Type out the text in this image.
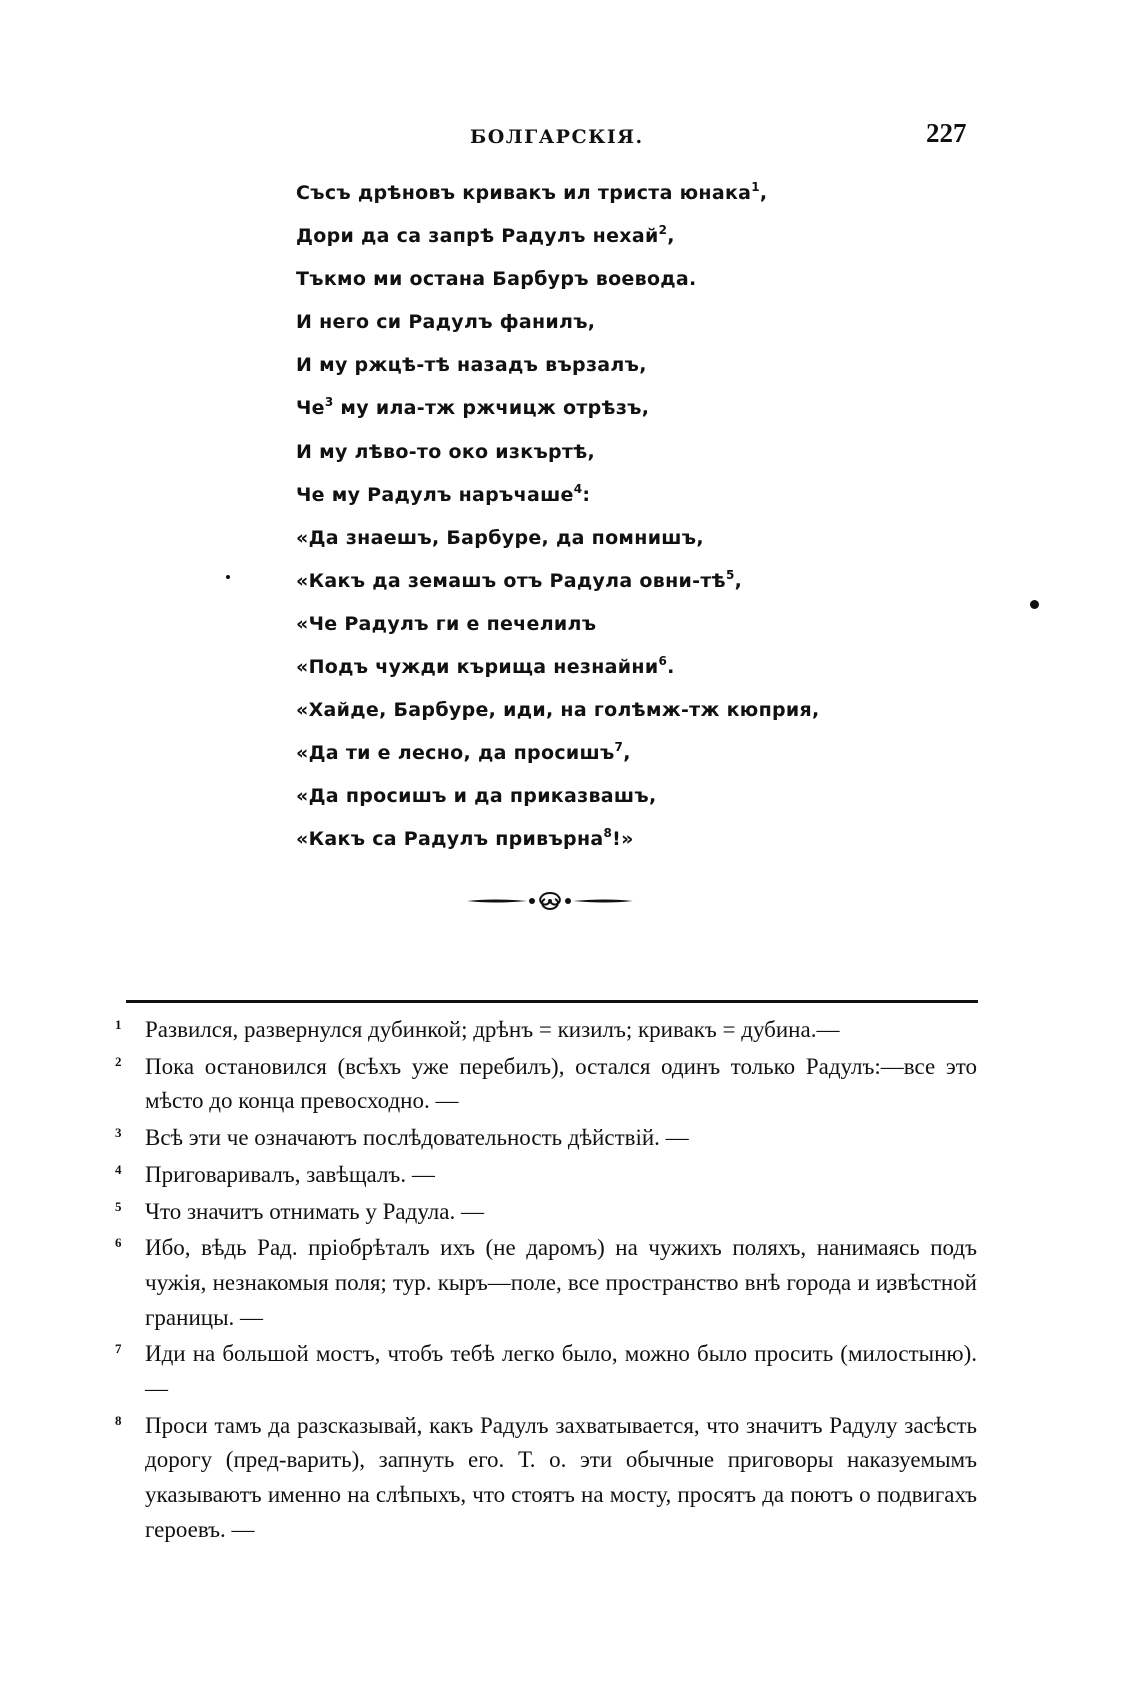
БОЛГАРСКІЯ.	227
Съсъ дрѣновъ кривакъ ил триста юнака$^1$,
Дори да са запрѣ Радулъ нехай$^2$,
Тъкмо ми остана Барбуръ воевода.
И него си Радулъ фанилъ,
И му ржцѣ-тѣ назадъ вързалъ,
$Че^3$ му ила-тж ржчицж отрѣзъ,
И му лѣво-то око изкъртѣ,
Че му Радулъ наръчаше$^4$:
«Да знаешъ, Барбуре, да помнишъ,
«Какъ да земашъ отъ Радула овни-$тѣ^5$,
«Че Радулъ ги е печелилъ
«Подъ чужди кърища незнайни$^6$.
«Хайде, Барбуре, иди, на голѣмж-тж кюприя,
«Да ти е лесно, да просишъ$^7$,
«Да просишъ и да приказвашъ,
«Какъ са Радулъ привърна$^8$!»
1	Развился, развернулся дубинкой; дрѣнъ = кизилъ; кривакъ = дубина.—
2	Пока остановился (всѣхъ уже перебилъ), остался одинъ только Радулъ:—все это мѣсто до конца превосходно. —
3	Всѣ эти че означаютъ послѣдовательность дѣйствій. —
4	Приговаривалъ, завѣщалъ. —
5	Что значитъ отнимать у Радула. —
6	Ибо, вѣдь Рад. пріобрѣталъ ихъ (не даромъ) на чужихъ поляхъ, нанимаясь подъ чужія, незнакомыя поля; тур. кыръ—поле, все пространство внѣ города и извѣстной границы. —
7	Иди на большой мостъ, чтобъ тебѣ легко было, можно было просить (милостыню). —
8	Проси тамъ да разсказывай, какъ Радулъ захватывается, что значитъ Радулу засѣсть дорогу (пред-варить), запнуть его. Т. о. эти обычные приговоры наказуемымъ указываютъ именно на слѣпыхъ, что стоятъ на мосту, просятъ да поютъ о подвигахъ героевъ. —
